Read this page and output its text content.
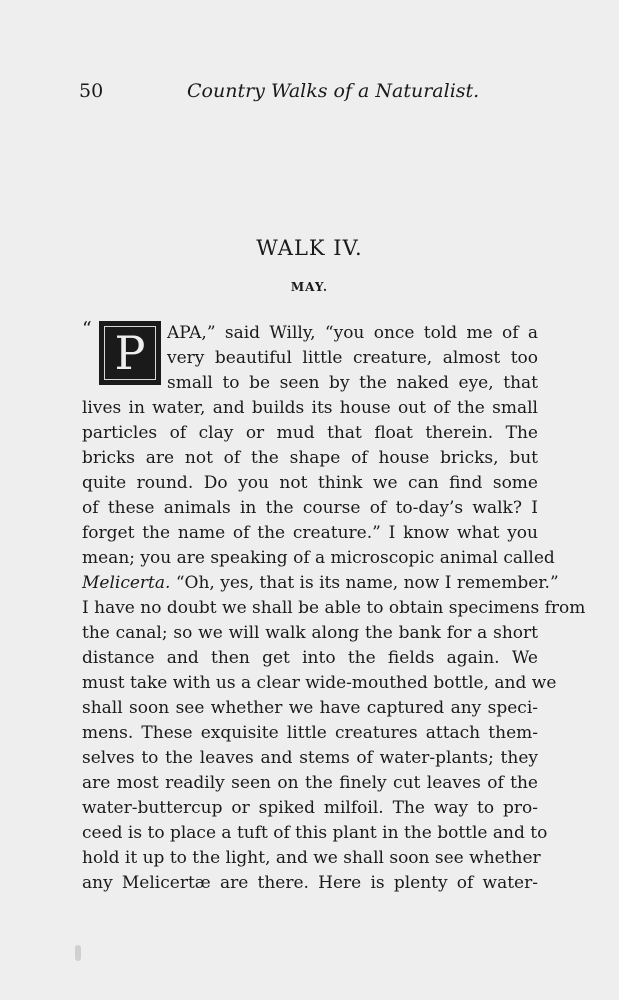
50	Country Walks of a Naturalist.
WALK IV.
MAY.
“ P	APA,” said Willy, “you once told me of a
very beautiful little creature, almost too
small to be seen by the naked eye, that
lives in water, and builds its house out of the small
particles of clay or mud that float therein. The
bricks are not of the shape of house bricks, but
quite round. Do you not think we can find some
of these animals in the course of to-day’s walk? I
forget the name of the creature.” I know what you
mean; you are speaking of a microscopic animal called
Melicerta. “Oh, yes, that is its name, now I remember.”
I have no doubt we shall be able to obtain specimens from
the canal; so we will walk along the bank for a short
distance and then get into the fields again. We
must take with us a clear wide-mouthed bottle, and we
shall soon see whether we have captured any speci-
mens. These exquisite little creatures attach them-
selves to the leaves and stems of water-plants; they
are most readily seen on the finely cut leaves of the
water-buttercup or spiked milfoil. The way to pro-
ceed is to place a tuft of this plant in the bottle and to
hold it up to the light, and we shall soon see whether
any Melicertæ are there. Here is plenty of water-
